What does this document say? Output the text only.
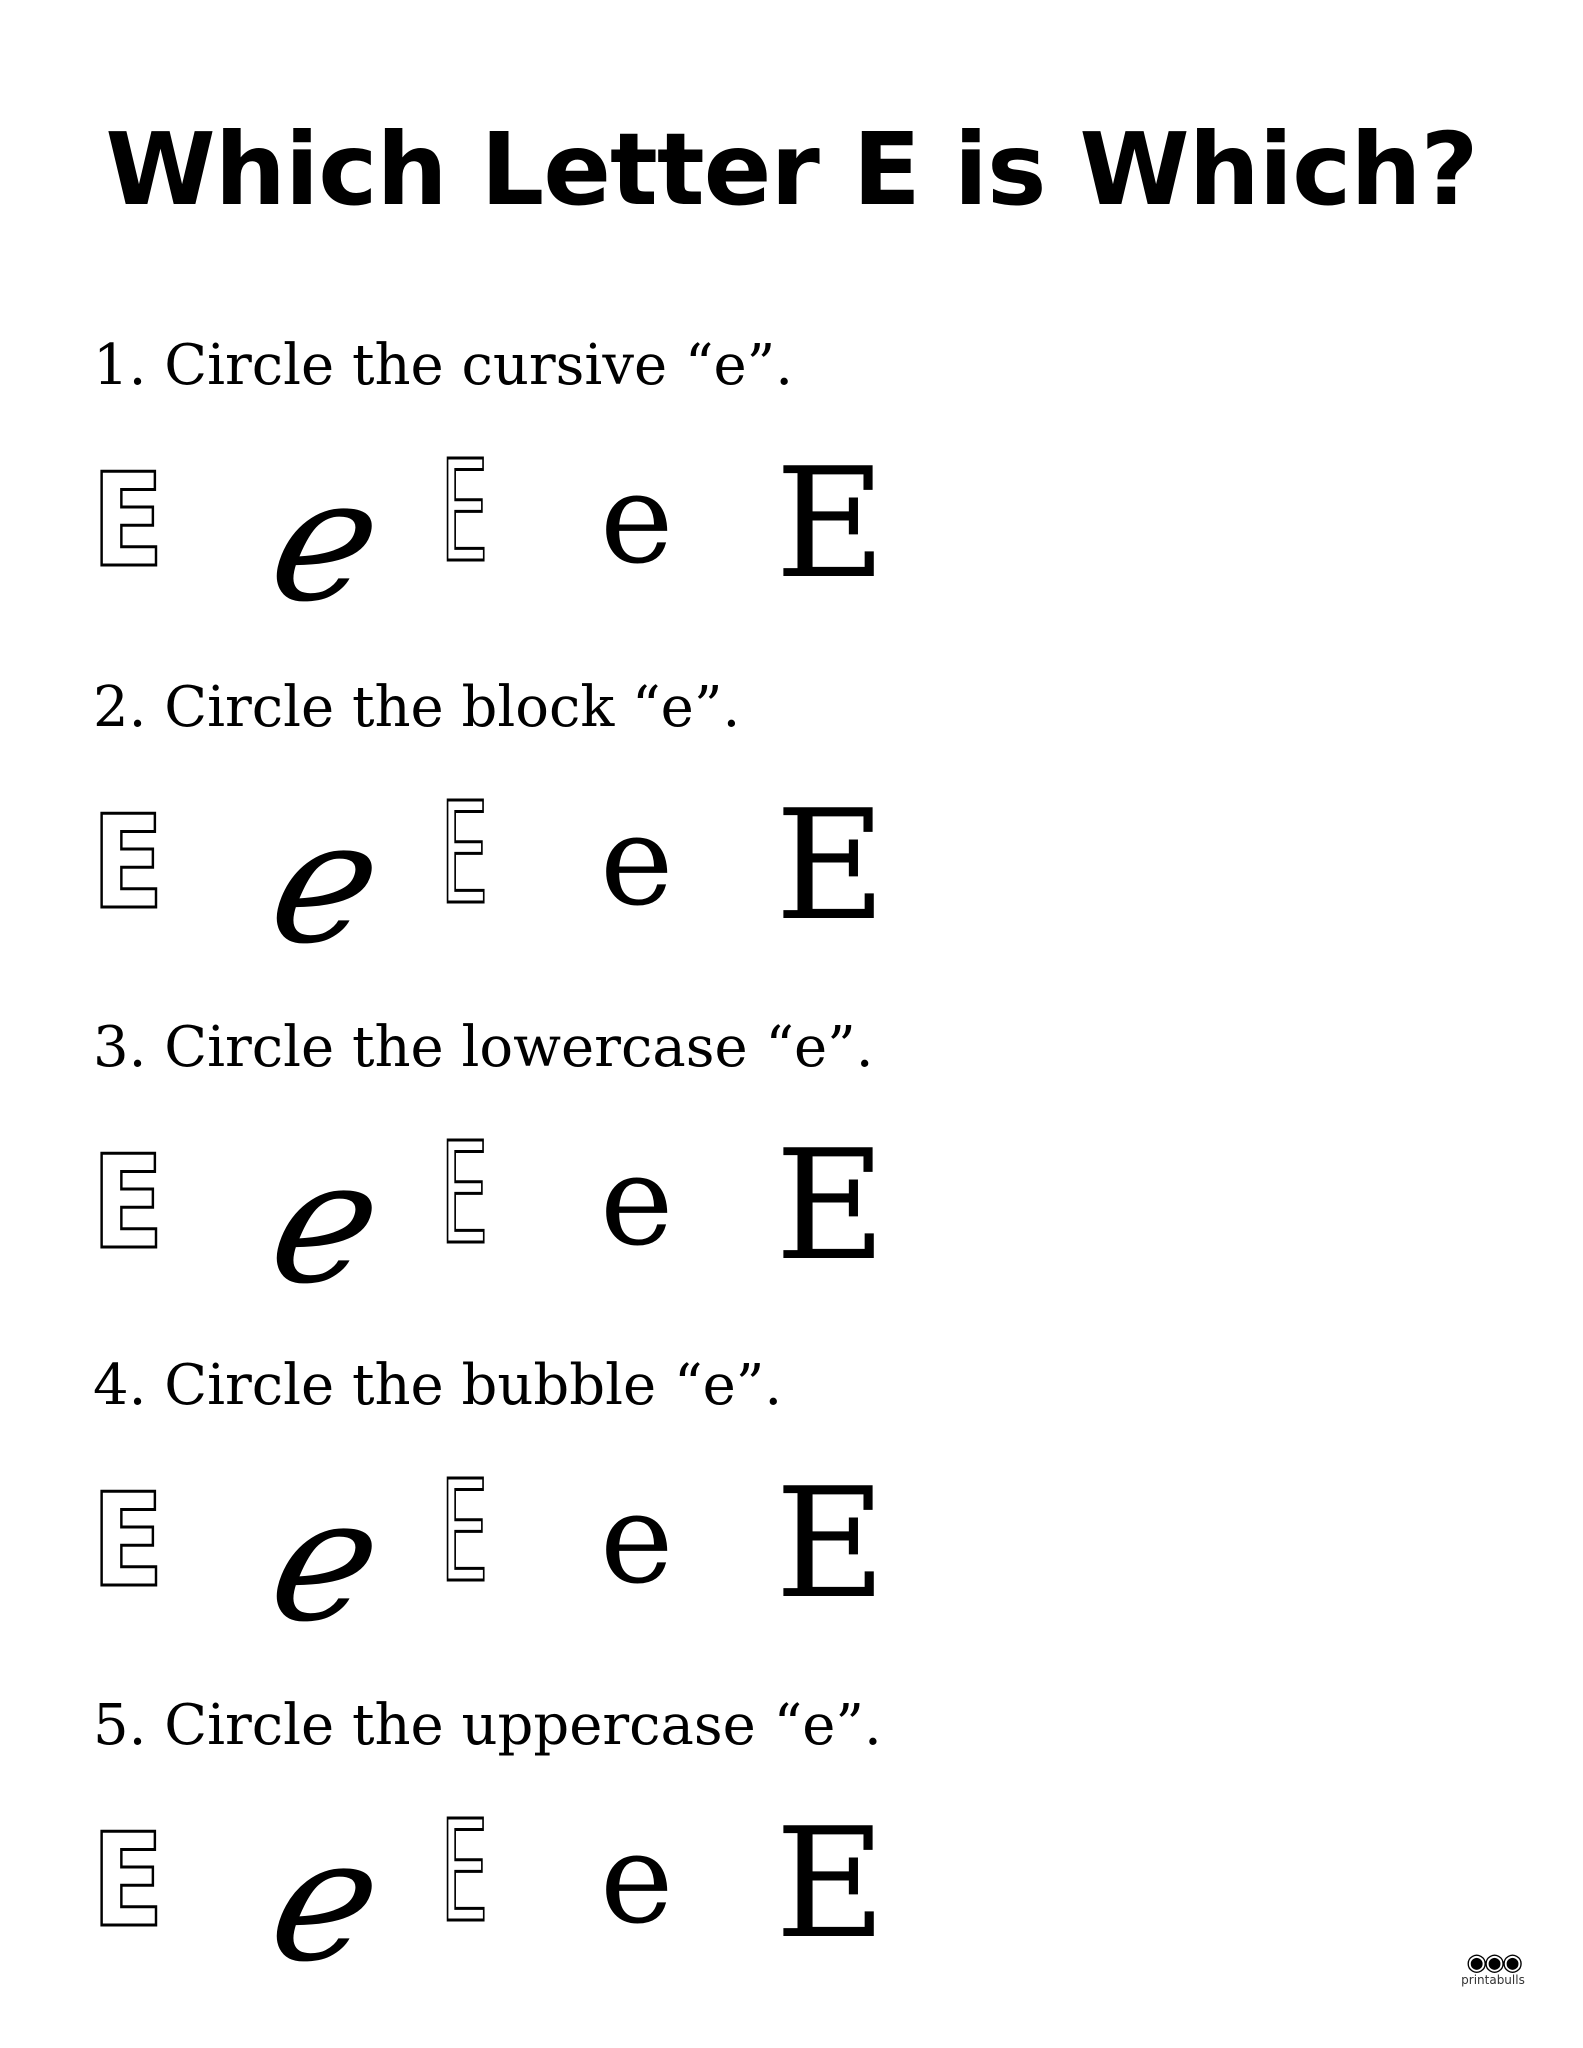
Which Letter E is Which?
1. Circle the cursive “e”.
E e E e E
2. Circle the block “e”.
E e E e E
3. Circle the lowercase “e”.
E e E e E
4. Circle the bubble “e”.
E e E e E
5. Circle the uppercase “e”.
E e E e E	◉◉◉
printabulls
